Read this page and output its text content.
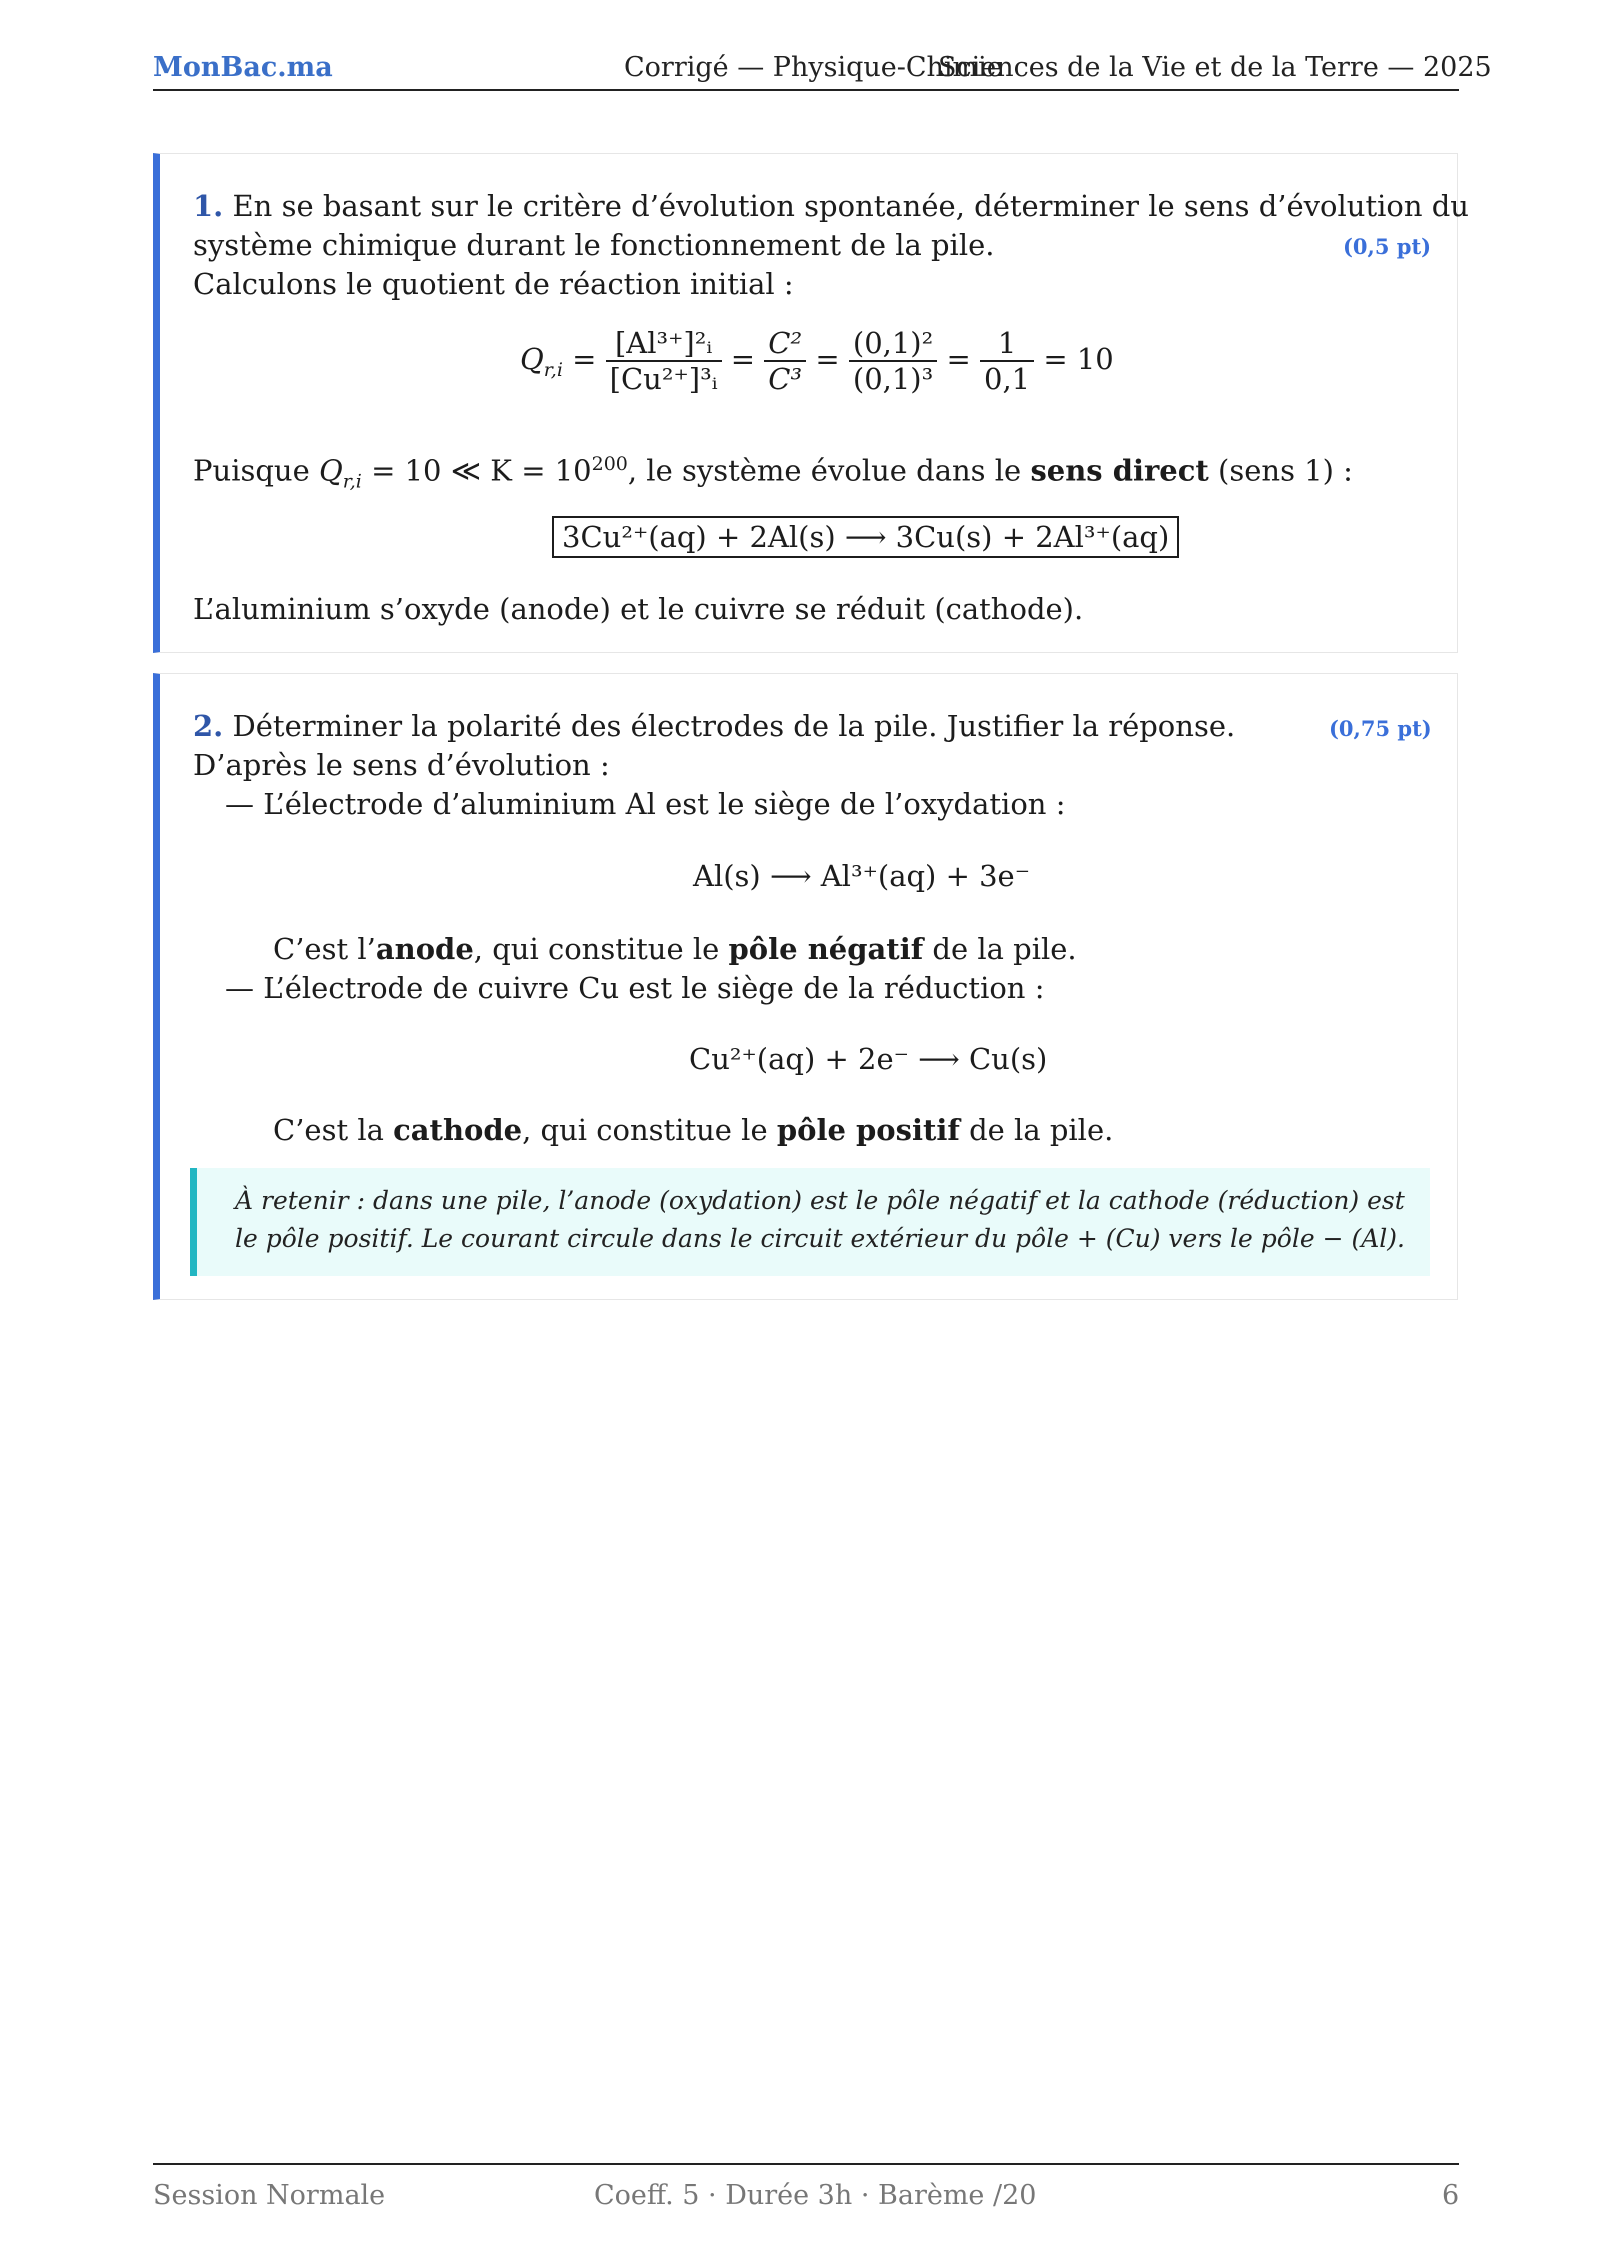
MonBac.ma	Corrigé — Physique-Chimie
Sciences de la Vie et de la Terre — 2025
1. En se basant sur le critère d’évolution spontanée, déterminer le sens d’évolution du
système chimique durant le fonctionnement de la pile.	(0,5 pt)
Calculons le quotient de réaction initial :
$Q_{r,i} = \frac{\text{[Al³⁺]²ᵢ}}{\text{[Cu²⁺]³ᵢ}} = \frac{\text{C²}}{\text{C³}} = \frac{\text{(0,1)²}}{\text{(0,1)³}} = \frac{1}{0,1} = 10$
Puisque $Q_{r,i} = 10$ ≪ $K = 10^{200}$, le système évolue dans le sens direct (sens 1) :
3Cu²⁺(aq) + 2Al(s) ⟶ 3Cu(s) + 2Al³⁺(aq)
L’aluminium s’oxyde (anode) et le cuivre se réduit (cathode).
2. Déterminer la polarité des électrodes de la pile. Justifier la réponse.	(0,75 pt)
D’après le sens d’évolution :
— L’électrode d’aluminium Al est le siège de l’oxydation :
Al(s) ⟶ Al³⁺(aq) + 3e⁻
C’est l’anode, qui constitue le pôle négatif de la pile.
— L’électrode de cuivre Cu est le siège de la réduction :
Cu²⁺(aq) + 2e⁻ ⟶ Cu(s)
C’est la cathode, qui constitue le pôle positif de la pile.
À retenir : dans une pile, l’anode (oxydation) est le pôle négatif et la cathode (réduction) est
le pôle positif. Le courant circule dans le circuit extérieur du pôle + (Cu) vers le pôle − (Al).
Session Normale	Coeff. 5 · Durée 3h · Barème /20	6
